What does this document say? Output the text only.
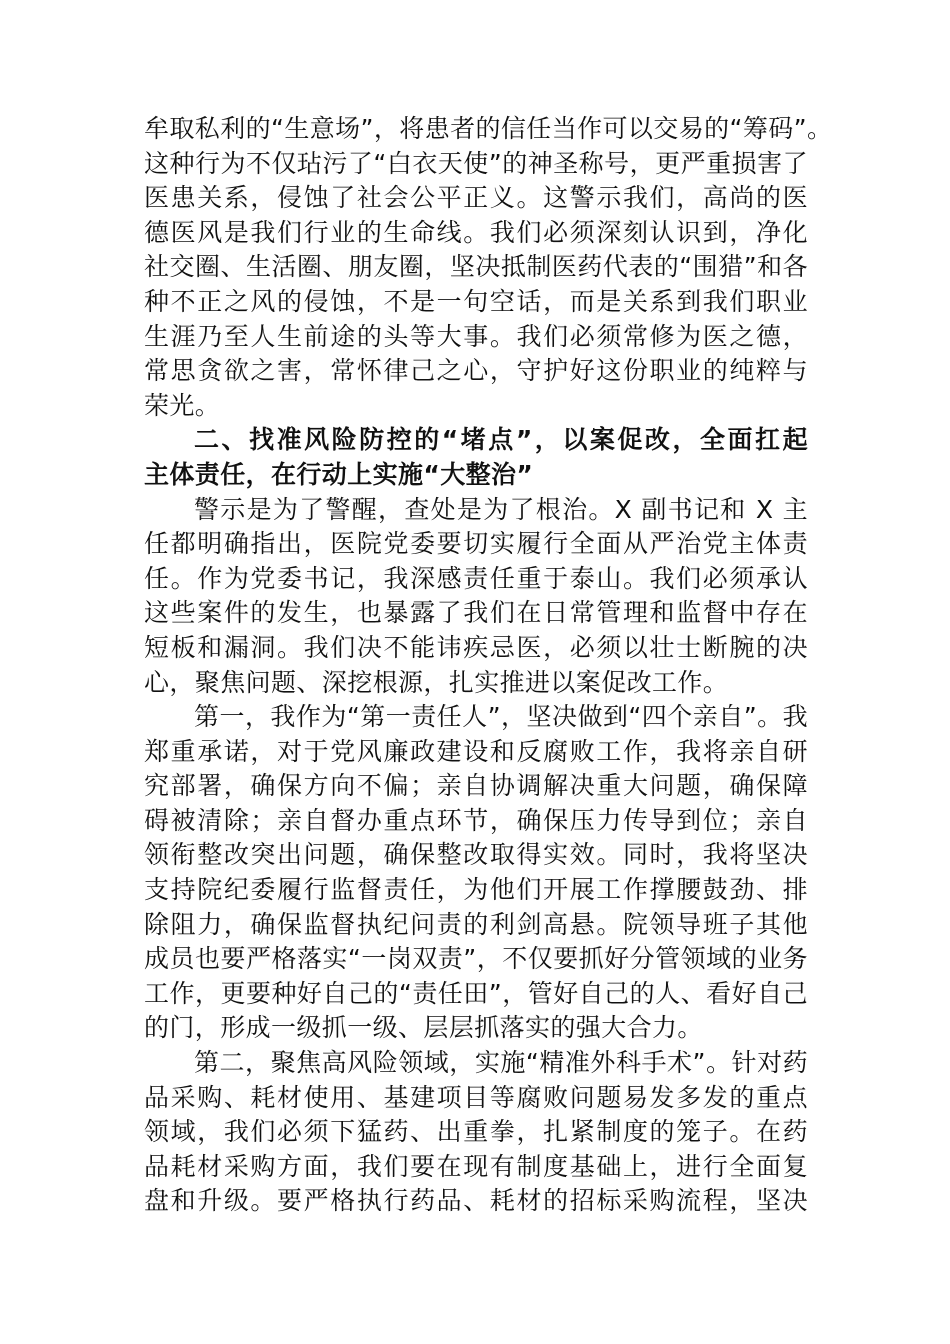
牟取私利的“生意场”，将患者的信任当作可以交易的“筹码”。
这种行为不仅玷污了“白衣天使”的神圣称号，更严重损害了
医患关系，侵蚀了社会公平正义。这警示我们，高尚的医
德医风是我们行业的生命线。我们必须深刻认识到，净化
社交圈、生活圈、朋友圈，坚决抵制医药代表的“围猎”和各
种不正之风的侵蚀，不是一句空话，而是关系到我们职业
生涯乃至人生前途的头等大事。我们必须常修为医之德，
常思贪欲之害，常怀律己之心，守护好这份职业的纯粹与
荣光。
二、找准风险防控的“堵点”，以案促改，全面扛起
主体责任，在行动上实施“大整治”
警示是为了警醒，查处是为了根治。X 副书记和 X 主
任都明确指出，医院党委要切实履行全面从严治党主体责
任。作为党委书记，我深感责任重于泰山。我们必须承认
这些案件的发生，也暴露了我们在日常管理和监督中存在
短板和漏洞。我们决不能讳疾忌医，必须以壮士断腕的决
心，聚焦问题、深挖根源，扎实推进以案促改工作。
第一，我作为“第一责任人”，坚决做到“四个亲自”。我
郑重承诺，对于党风廉政建设和反腐败工作，我将亲自研
究部署，确保方向不偏；亲自协调解决重大问题，确保障
碍被清除；亲自督办重点环节，确保压力传导到位；亲自
领衔整改突出问题，确保整改取得实效。同时，我将坚决
支持院纪委履行监督责任，为他们开展工作撑腰鼓劲、排
除阻力，确保监督执纪问责的利剑高悬。院领导班子其他
成员也要严格落实“一岗双责”，不仅要抓好分管领域的业务
工作，更要种好自己的“责任田”，管好自己的人、看好自己
的门，形成一级抓一级、层层抓落实的强大合力。
第二，聚焦高风险领域，实施“精准外科手术”。针对药
品采购、耗材使用、基建项目等腐败问题易发多发的重点
领域，我们必须下猛药、出重拳，扎紧制度的笼子。在药
品耗材采购方面，我们要在现有制度基础上，进行全面复
盘和升级。要严格执行药品、耗材的招标采购流程，坚决
